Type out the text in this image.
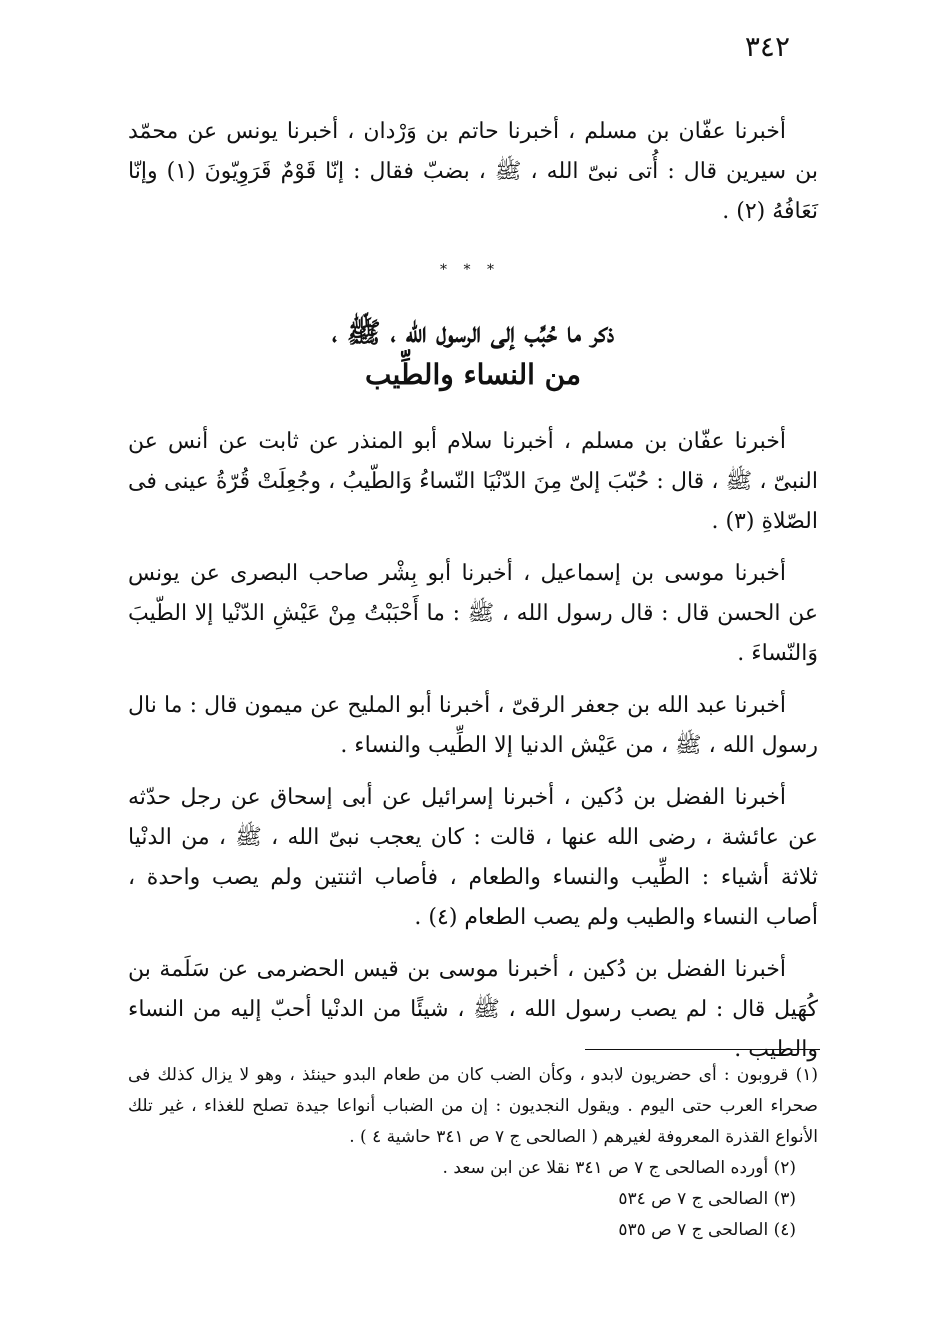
٣٤٢

أخبرنا عفّان بن مسلم ، أخبرنا حاتم بن وَرْدان ، أخبرنا يونس عن محمّد بن سيرين قال : أُتى نبىّ الله ، ﷺ ، بضبّ فقال : إنّا قَوْمٌ قَرَوِيّونَ (١) وإنّا نَعَافُهُ (٢) .

* * *
ذكر ما حُبِّب إلى الرسول الله ، ﷺ ،
من النساء والطِّيب

أخبرنا عفّان بن مسلم ، أخبرنا سلام أبو المنذر عن ثابت عن أنس عن النبىّ ، ﷺ ، قال : حُبّبَ إلىّ مِنَ الدّنْيَا النّساءُ وَالطّيبُ ، وجُعِلَتْ قُرّةُ عينى فى الصّلاةِ (٣) .

أخبرنا موسى بن إسماعيل ، أخبرنا أبو بِشْر صاحب البصرى عن يونس عن الحسن قال : قال رسول الله ، ﷺ : ما أَحْبَبْتُ مِنْ عَيْشِ الدّنْيا إلا الطّيبَ وَالنّساءَ .

أخبرنا عبد الله بن جعفر الرقىّ ، أخبرنا أبو المليح عن ميمون قال : ما نال رسول الله ، ﷺ ، من عَيْش الدنيا إلا الطِّيب والنساء .

أخبرنا الفضل بن دُكين ، أخبرنا إسرائيل عن أبى إسحاق عن رجل حدّثه عن عائشة ، رضى الله عنها ، قالت : كان يعجب نبىّ الله ، ﷺ ، من الدنْيا ثلاثة أشياء : الطِّيب والنساء والطعام ، فأصاب اثنتين ولم يصب واحدة ، أصاب النساء والطيب ولم يصب الطعام (٤) .

أخبرنا الفضل بن دُكين ، أخبرنا موسى بن قيس الحضرمى عن سَلَمة بن كُهَيل قال : لم يصب رسول الله ، ﷺ ، شيئًا من الدنْيا أحبّ إليه من النساء والطيب .

(١) قروبون : أى حضريون لابدو ، وكأن الضب كان من طعام البدو حينئذ ، وهو لا يزال كذلك فى صحراء العرب حتى اليوم . ويقول النجديون : إن من الضباب أنواعا جيدة تصلح للغذاء ، غير تلك الأنواع القذرة المعروفة لغيرهم ( الصالحى ج ٧ ص ٣٤١ حاشية ٤ ) .

(٢) أورده الصالحى ج ٧ ص ٣٤١ نقلا عن ابن سعد .

(٣) الصالحى ج ٧ ص ٥٣٤

(٤) الصالحى ج ٧ ص ٥٣٥
